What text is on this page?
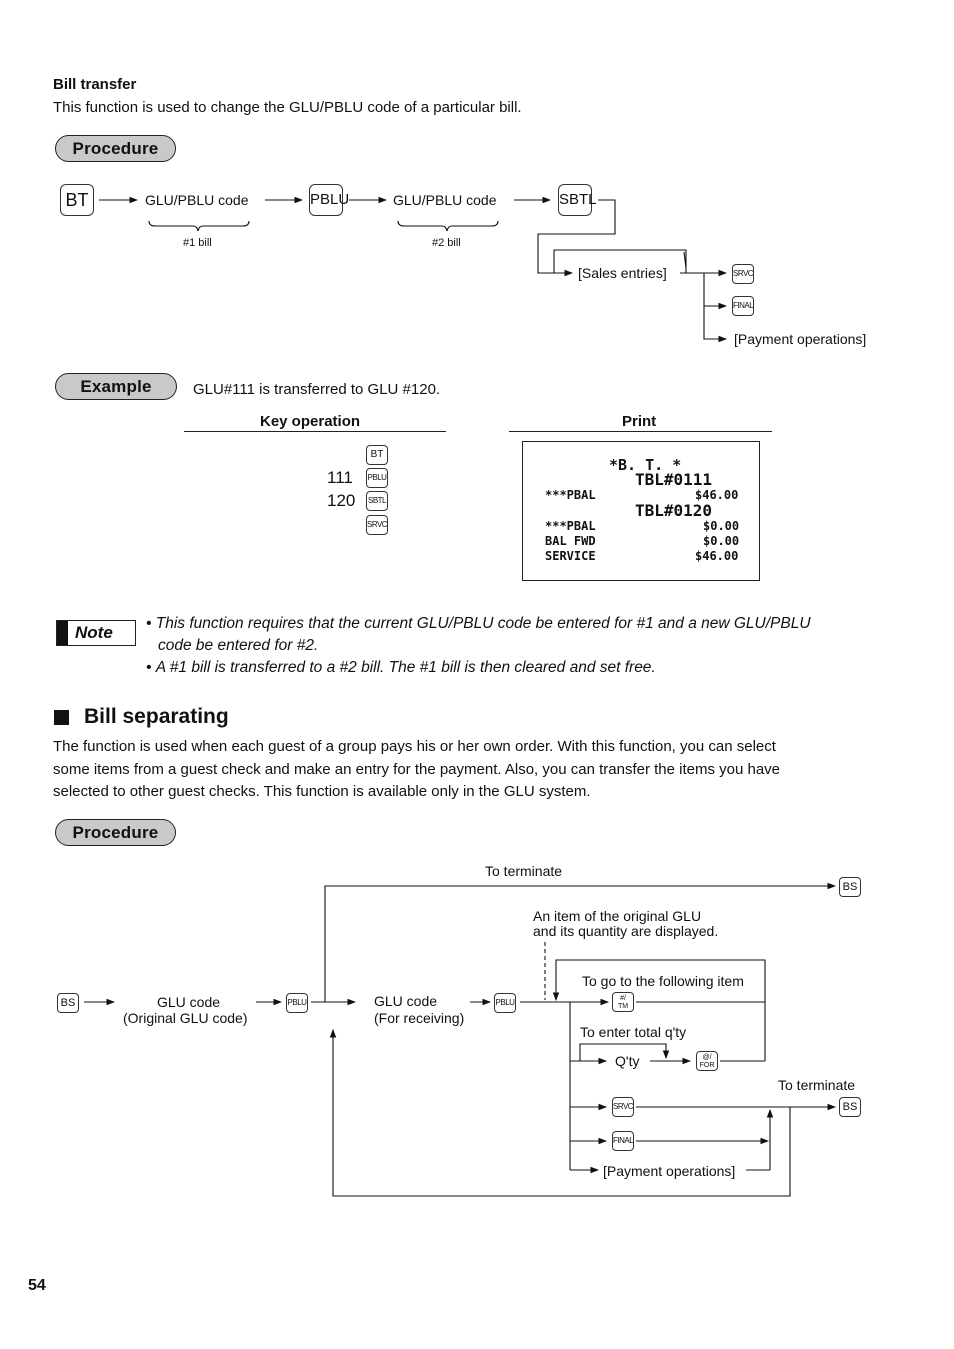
Bill transfer
This function is used to change the GLU/PBLU code of a particular bill.
Procedure
BT	GLU/PBLU code
#1 bill
PBLU	GLU/PBLU code
#2 bill
SBTL
[Sales entries]	SRVC
FINAL
[Payment operations]
Example	GLU#111 is transferred to GLU #120.
Key operation	Print
BT
111 PBLU
120 SBTL
SRVC
*B. T. *
TBL#0111
***PBAL	$46.00
TBL#0120
***PBAL	$0.00
BAL FWD	$0.00
SERVICE	$46.00
Note • This function requires that the current GLU/PBLU code be entered for #1 and a new GLU/PBLU
code be entered for #2.
• A #1 bill is transferred to a #2 bill. The #1 bill is then cleared and set free.
Bill separating
The function is used when each guest of a group pays his or her own order. With this function, you can select
some items from a guest check and make an entry for the payment. Also, you can transfer the items you have
selected to other guest checks. This function is available only in the GLU system.
Procedure
To terminate
BS
An item of the original GLU
and its quantity are displayed.
BS	GLU code
(Original GLU code)
PBLU	GLU code
(For receiving)
PBLU
To go to the following item
#/
TM
To enter total q'ty
Q'ty	@/
FOR
To terminate
SRVC	BS
FINAL
[Payment operations]
54
